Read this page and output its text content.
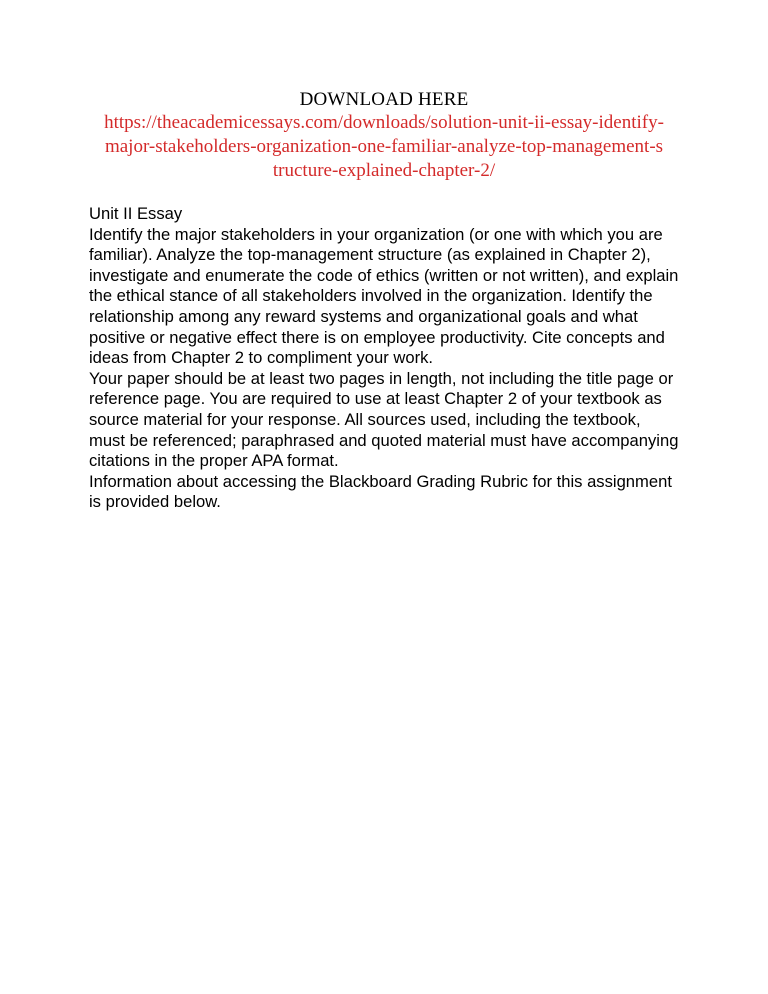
DOWNLOAD HERE

https://theacademicessays.com/downloads/solution-unit-ii-essay-identify-major-stakeholders-organization-one-familiar-analyze-top-management-structure-explained-chapter-2/

Unit II Essay

Identify the major stakeholders in your organization (or one with which you are familiar). Analyze the top-management structure (as explained in Chapter 2), investigate and enumerate the code of ethics (written or not written), and explain the ethical stance of all stakeholders involved in the organization. Identify the relationship among any reward systems and organizational goals and what positive or negative effect there is on employee productivity. Cite concepts and ideas from Chapter 2 to compliment your work.

Your paper should be at least two pages in length, not including the title page or reference page. You are required to use at least Chapter 2 of your textbook as source material for your response. All sources used, including the textbook, must be referenced; paraphrased and quoted material must have accompanying citations in the proper APA format.

Information about accessing the Blackboard Grading Rubric for this assignment is provided below.
